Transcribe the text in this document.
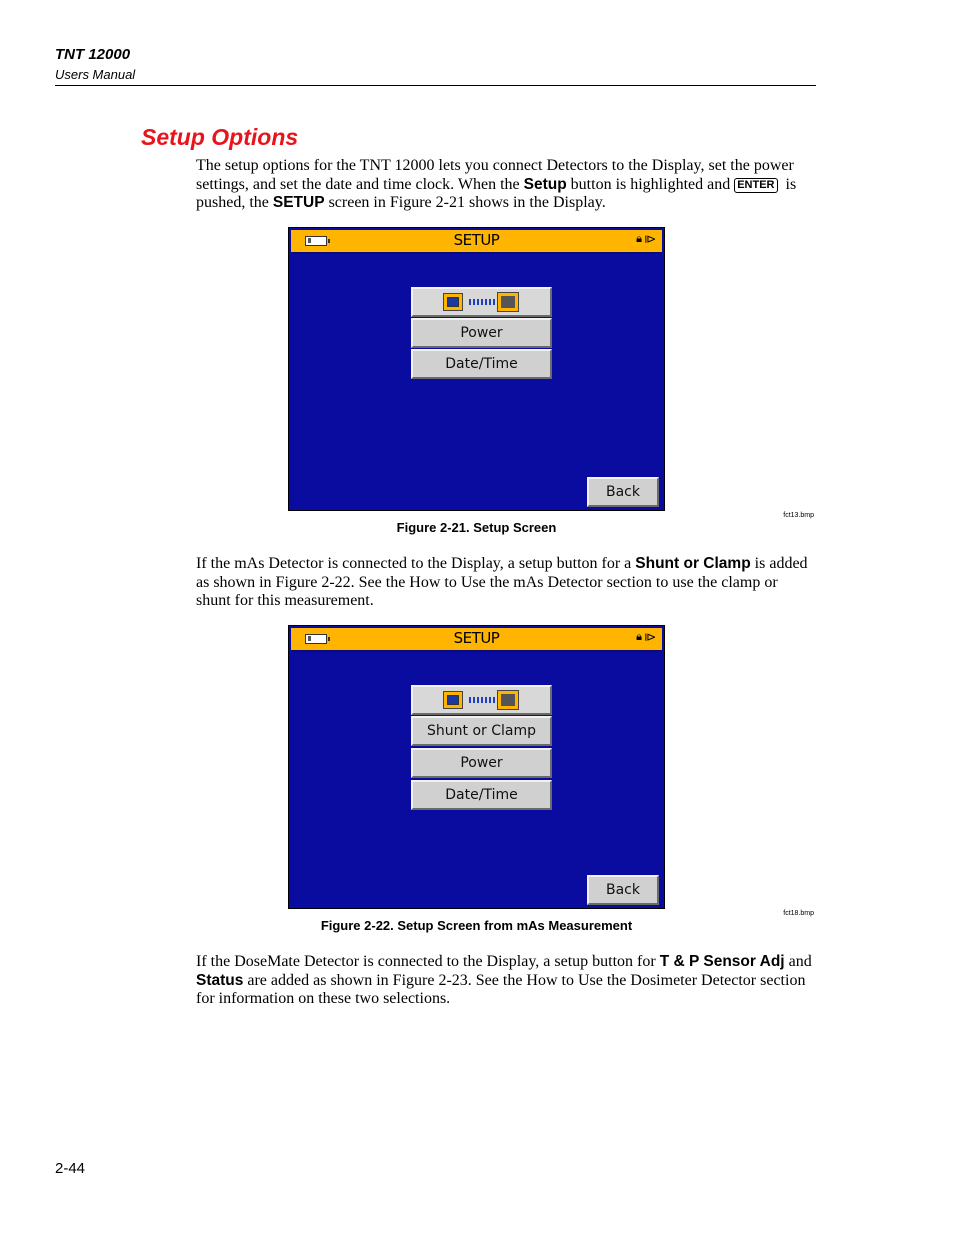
TNT 12000
Users Manual
Setup Options
The setup options for the TNT 12000 lets you connect Detectors to the Display, set the power settings, and set the date and time clock. When the Setup button is highlighted and ENTER is pushed, the SETUP screen in Figure 2-21 shows in the Display.
SETUP	🔒︎ ⧐
Power
Date/Time
Back
fct13.bmp
Figure 2-21. Setup Screen
If the mAs Detector is connected to the Display, a setup button for a Shunt or Clamp is added as shown in Figure 2-22. See the How to Use the mAs Detector section to use the clamp or shunt for this measurement.
SETUP	🔒︎ ⧐
Shunt or Clamp
Power
Date/Time
Back
fct18.bmp
Figure 2-22. Setup Screen from mAs Measurement
If the DoseMate Detector is connected to the Display, a setup button for T & P Sensor Adj and Status are added as shown in Figure 2-23. See the How to Use the Dosimeter Detector section for information on these two selections.
2-44
